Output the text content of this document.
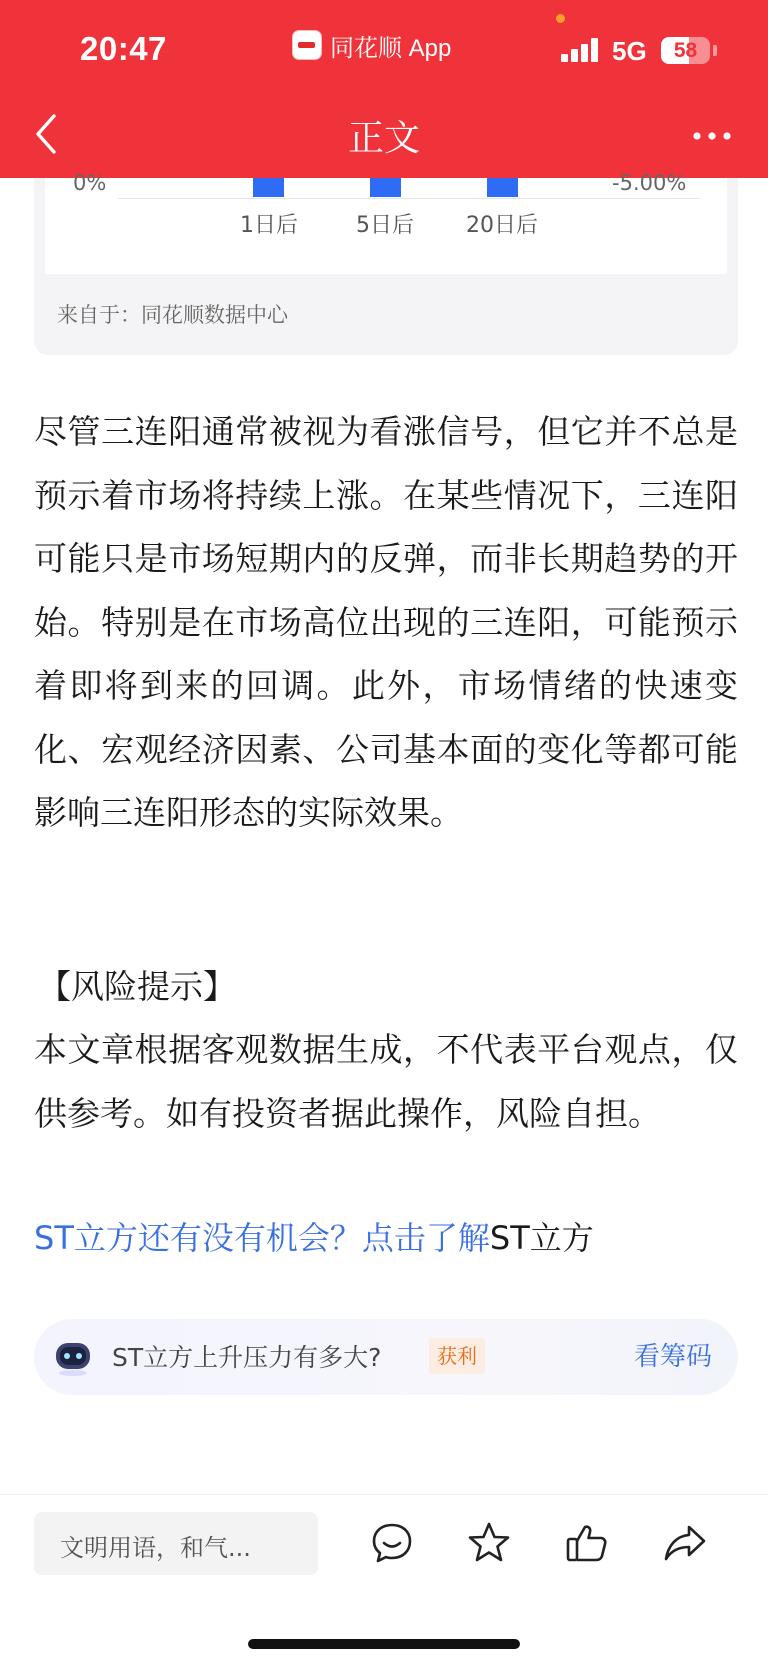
20:47	同花顺 App	5G	58
正文
0%	-5.00%
1日后	5日后	20日后
来自于：同花顺数据中心
尽管三连阳通常被视为看涨信号，但它并不总是预示着市场将持续上涨。在某些情况下，三连阳可能只是市场短期内的反弹，而非长期趋势的开始。特别是在市场高位出现的三连阳，可能预示着即将到来的回调。此外，市场情绪的快速变化、宏观经济因素、公司基本面的变化等都可能影响三连阳形态的实际效果。
【风险提示】
本文章根据客观数据生成，不代表平台观点，仅供参考。如有投资者据此操作，风险自担。
ST立方还有没有机会？点击了解ST立方
ST立方上升压力有多大?	获利	看筹码
文明用语，和气...
